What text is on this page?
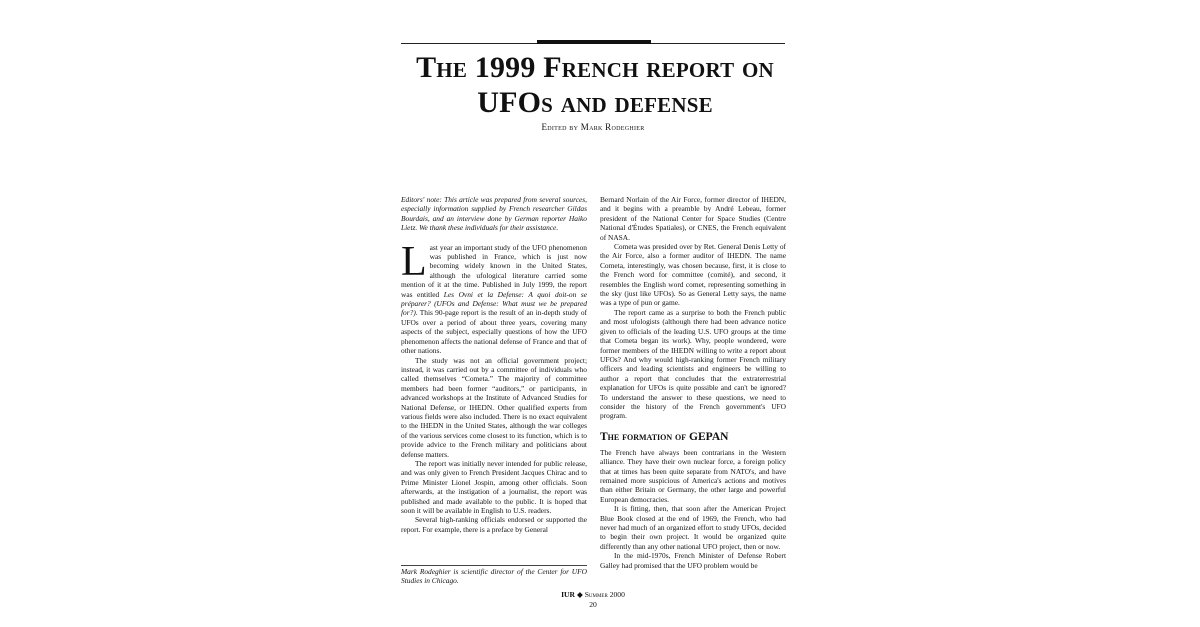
The 1999 French report on
UFOs and defense
Edited by Mark Rodeghier

Editors' note: This article was prepared from several sources, especially information supplied by French researcher Gildas Bourdais, and an interview done by German reporter Haiko Lietz. We thank these individuals for their assistance.

Last year an important study of the UFO phenomenon was published in France, which is just now becoming widely known in the United States, although the ufological literature carried some mention of it at the time. Published in July 1999, the report was entitled Les Ovni et la Defense: A quoi doit-on se préparer? (UFOs and Defense: What must we be prepared for?). This 90-page report is the result of an in-depth study of UFOs over a period of about three years, covering many aspects of the subject, especially questions of how the UFO phenomenon affects the national defense of France and that of other nations.

The study was not an official government project; instead, it was carried out by a committee of individuals who called themselves “Cometa.” The majority of committee members had been former “auditors,” or participants, in advanced workshops at the Institute of Advanced Studies for National Defense, or IHEDN. Other qualified experts from various fields were also included. There is no exact equivalent to the IHEDN in the United States, although the war colleges of the various services come closest to its function, which is to provide advice to the French military and politicians about defense matters.

The report was initially never intended for public release, and was only given to French President Jacques Chirac and to Prime Minister Lionel Jospin, among other officials. Soon afterwards, at the instigation of a journalist, the report was published and made available to the public. It is hoped that soon it will be available in English to U.S. readers.

Several high-ranking officials endorsed or supported the report. For example, there is a preface by General

Mark Rodeghier is scientific director of the Center for UFO Studies in Chicago.

Bernard Norlain of the Air Force, former director of IHEDN, and it begins with a preamble by André Lebeau, former president of the National Center for Space Studies (Centre National d'Études Spatiales), or CNES, the French equivalent of NASA.

Cometa was presided over by Ret. General Denis Letty of the Air Force, also a former auditor of IHEDN. The name Cometa, interestingly, was chosen because, first, it is close to the French word for committee (comité), and second, it resembles the English word comet, representing something in the sky (just like UFOs). So as General Letty says, the name was a type of pun or game.

The report came as a surprise to both the French public and most ufologists (although there had been advance notice given to officials of the leading U.S. UFO groups at the time that Cometa began its work). Why, people wondered, were former members of the IHEDN willing to write a report about UFOs? And why would high-ranking former French military officers and leading scientists and engineers be willing to author a report that concludes that the extraterrestrial explanation for UFOs is quite possible and can't be ignored? To understand the answer to these questions, we need to consider the history of the French government's UFO program.

The formation of GEPAN

The French have always been contrarians in the Western alliance. They have their own nuclear force, a foreign policy that at times has been quite separate from NATO's, and have remained more suspicious of America's actions and motives than either Britain or Germany, the other large and powerful European democracies.

It is fitting, then, that soon after the American Project Blue Book closed at the end of 1969, the French, who had never had much of an organized effort to study UFOs, decided to begin their own project. It would be organized quite differently than any other national UFO project, then or now.

In the mid-1970s, French Minister of Defense Robert Galley had promised that the UFO problem would be

IUR ◆ Summer 2000
20
